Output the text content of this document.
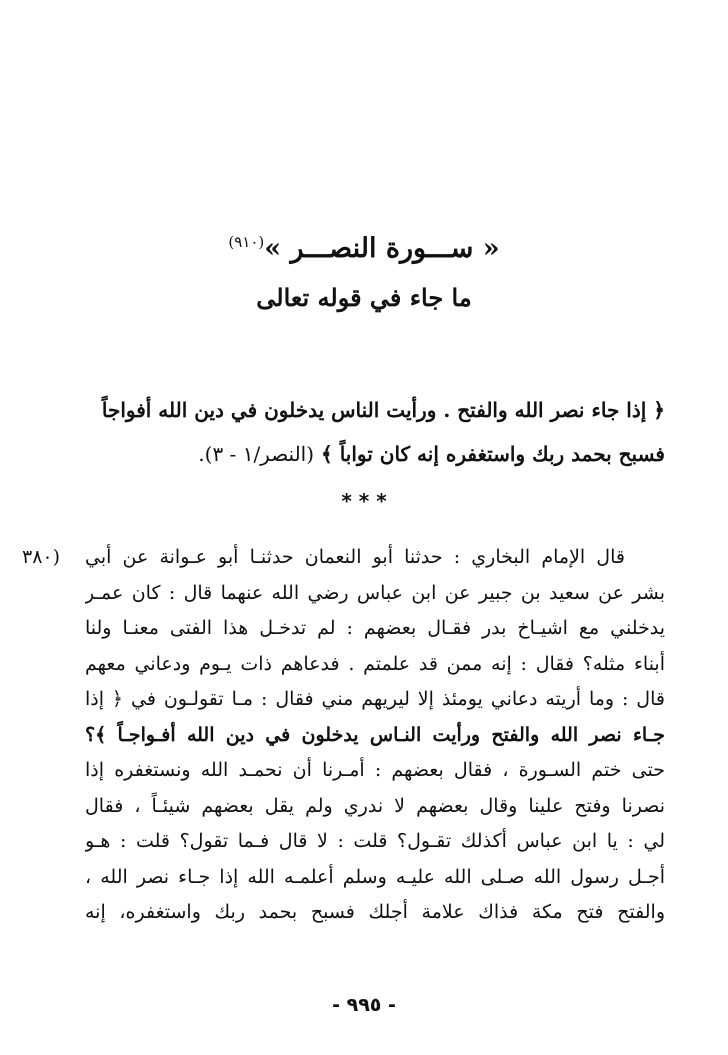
« ســـورة النصـــر »$^{(٩١٠)}$
ما جاء في قوله تعالى
﴿ إذا جاء نصر الله والفتح . ورأيت الناس يدخلون في دين الله أفواجاً
فسبح بحمد ربك واستغفره إنه كان تواباً ﴾ (النصر/١ - ٣).
* * *
(٣٨٠ قال الإمام البخاري : حدثنا أبو النعمان حدثنـا أبو عـوانة عن أبي
بشر عن سعيد بن جبير عن ابن عباس رضي الله عنهما قال : كان عمـر
يدخلني مع اشيـاخ بدر فقـال بعضهم : لم تدخـل هذا الفتى معنـا ولنا
أبناء مثله؟ فقال : إنه ممن قد علمتم . فدعاهم ذات يـوم ودعاني معهم
قال : وما أريته دعاني يومئذ إلا ليريهم مني فقال : مـا تقولـون في ﴿ إذا
جـاء نصر الله والفتح ورأيت النـاس يدخلون في دين الله أفـواجـاً ﴾؟
حتى ختم السـورة ، فقال بعضهم : أمـرنا أن نحمـد الله ونستغفره إذا
نصرنا وفتح علينا وقال بعضهم لا ندري ولم يقل بعضهم شيئـاً ، فقال
لي : يا ابن عباس أكذلك تقـول؟ قلت : لا قال فـما تقول؟ قلت : هـو
أجـل رسول الله صـلى الله عليـه وسلم أعلمـه الله إذا جـاء نصر الله ،
والفتح فتح مكة فذاك علامة أجلك فسبح بحمد ربك واستغفره، إنه
- ٩٩٥ -
